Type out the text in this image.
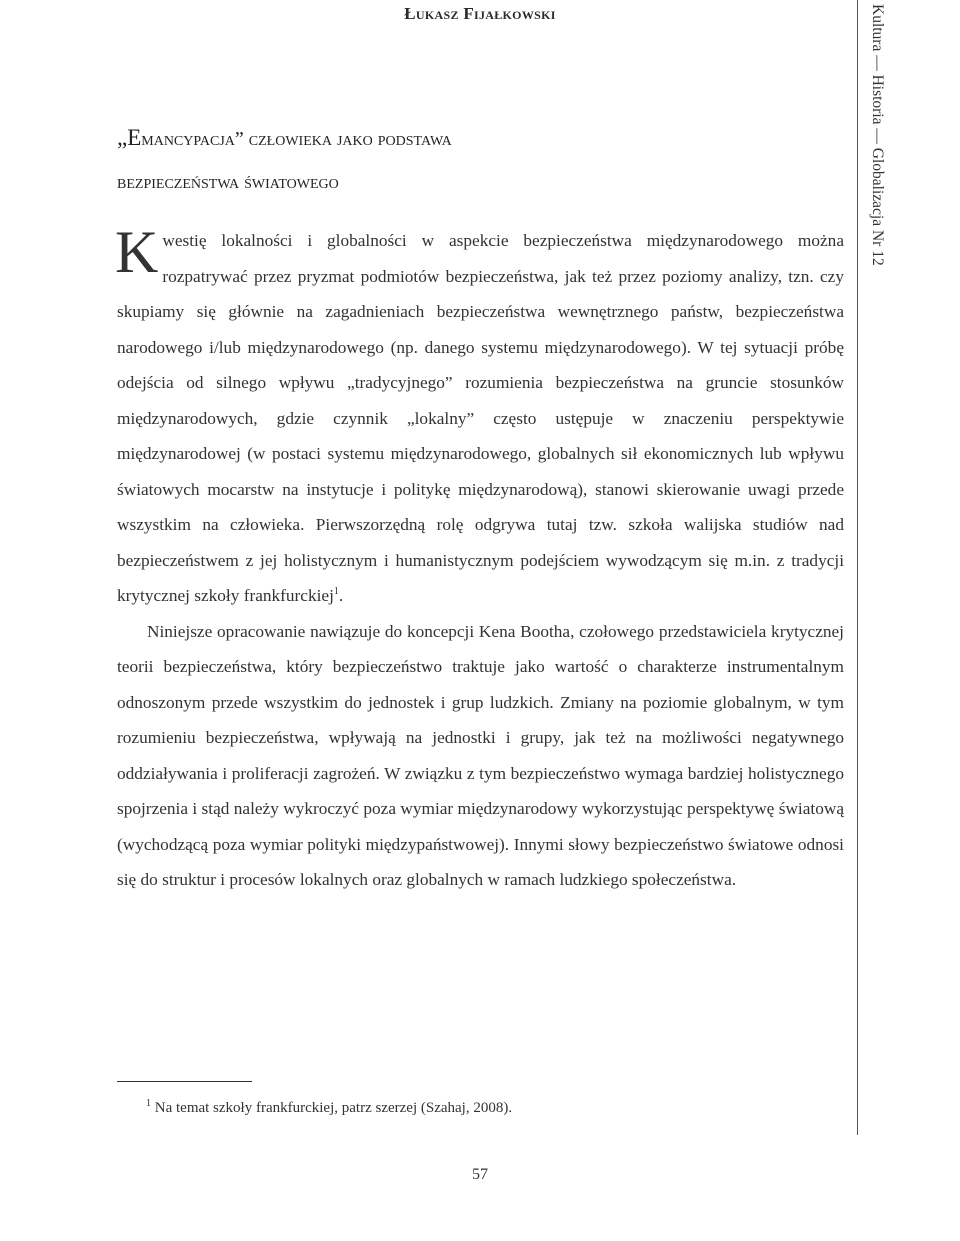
Łukasz Fijałkowski
„Emancypacja” człowieka jako podstawa
bezpieczeństwa światowego

Kwestię lokalności i globalności w aspekcie bezpieczeństwa międzynarodowego można rozpatrywać przez pryzmat podmiotów bezpieczeństwa, jak też przez poziomy analizy, tzn. czy skupiamy się głównie na zagadnieniach bezpieczeństwa wewnętrznego państw, bezpieczeństwa narodowego i/lub międzynarodowego (np. danego systemu międzynarodowego). W tej sytuacji próbę odejścia od silnego wpływu „tradycyjnego” rozumienia bezpieczeństwa na gruncie stosunków międzynarodowych, gdzie czynnik „lokalny” często ustępuje w znaczeniu perspektywie międzynarodowej (w postaci systemu międzynarodowego, globalnych sił ekonomicznych lub wpływu światowych mocarstw na instytucje i politykę międzynarodową), stanowi skierowanie uwagi przede wszystkim na człowieka. Pierwszorzędną rolę odgrywa tutaj tzw. szkoła walijska studiów nad bezpieczeństwem z jej holistycznym i humanistycznym podejściem wywodzącym się m.in. z tradycji krytycznej szkoły frankfurckiej$^1$.

Niniejsze opracowanie nawiązuje do koncepcji Kena Bootha, czołowego przedstawiciela krytycznej teorii bezpieczeństwa, który bezpieczeństwo traktuje jako wartość o charakterze instrumentalnym odnoszonym przede wszystkim do jednostek i grup ludzkich. Zmiany na poziomie globalnym, w tym rozumieniu bezpieczeństwa, wpływają na jednostki i grupy, jak też na możliwości negatywnego oddziaływania i proliferacji zagrożeń. W związku z tym bezpieczeństwo wymaga bardziej holistycznego spojrzenia i stąd należy wykroczyć poza wymiar międzynarodowy wykorzystując perspektywę światową (wychodzącą poza wymiar polityki międzypaństwowej). Innymi słowy bezpieczeństwo światowe odnosi się do struktur i procesów lokalnych oraz globalnych w ramach ludzkiego społeczeństwa.

$^1$ Na temat szkoły frankfurckiej, patrz szerzej (Szahaj, 2008).
57
Kultura — Historia — Globalizacja Nr 12
